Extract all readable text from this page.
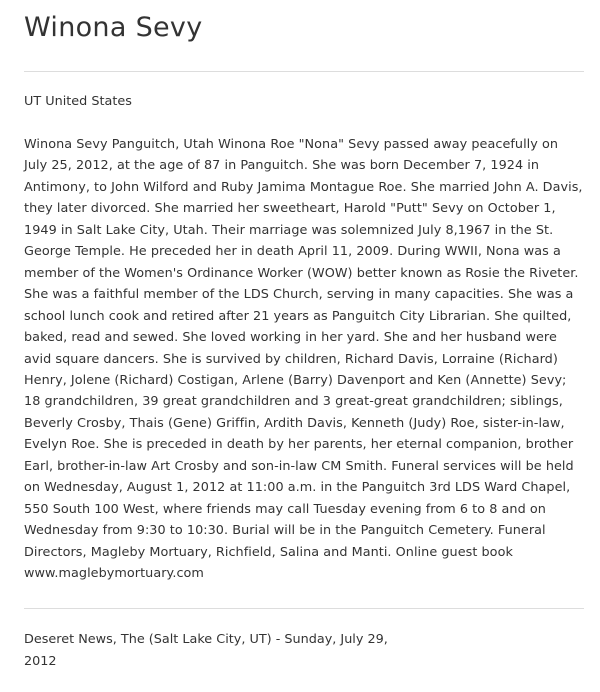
Winona Sevy
UT United States

Winona Sevy Panguitch, Utah Winona Roe "Nona" Sevy passed away peacefully on July 25, 2012, at the age of 87 in Panguitch. She was born December 7, 1924 in Antimony, to John Wilford and Ruby Jamima Montague Roe. She married John A. Davis, they later divorced. She married her sweetheart, Harold "Putt" Sevy on October 1, 1949 in Salt Lake City, Utah. Their marriage was solemnized July 8,1967 in the St. George Temple. He preceded her in death April 11, 2009. During WWII, Nona was a member of the Women's Ordinance Worker (WOW) better known as Rosie the Riveter. She was a faithful member of the LDS Church, serving in many capacities. She was a school lunch cook and retired after 21 years as Panguitch City Librarian. She quilted, baked, read and sewed. She loved working in her yard. She and her husband were avid square dancers. She is survived by children, Richard Davis, Lorraine (Richard) Henry, Jolene (Richard) Costigan, Arlene (Barry) Davenport and Ken (Annette) Sevy; 18 grandchildren, 39 great grandchildren and 3 great-great grandchildren; siblings, Beverly Crosby, Thais (Gene) Griffin, Ardith Davis, Kenneth (Judy) Roe, sister-in-law, Evelyn Roe. She is preceded in death by her parents, her eternal companion, brother Earl, brother-in-law Art Crosby and son-in-law CM Smith. Funeral services will be held on Wednesday, August 1, 2012 at 11:00 a.m. in the Panguitch 3rd LDS Ward Chapel, 550 South 100 West, where friends may call Tuesday evening from 6 to 8 and on Wednesday from 9:30 to 10:30. Burial will be in the Panguitch Cemetery. Funeral Directors, Magleby Mortuary, Richfield, Salina and Manti. Online guest book www.maglebymortuary.com

Deseret News, The (Salt Lake City, UT) - Sunday, July 29, 2012
